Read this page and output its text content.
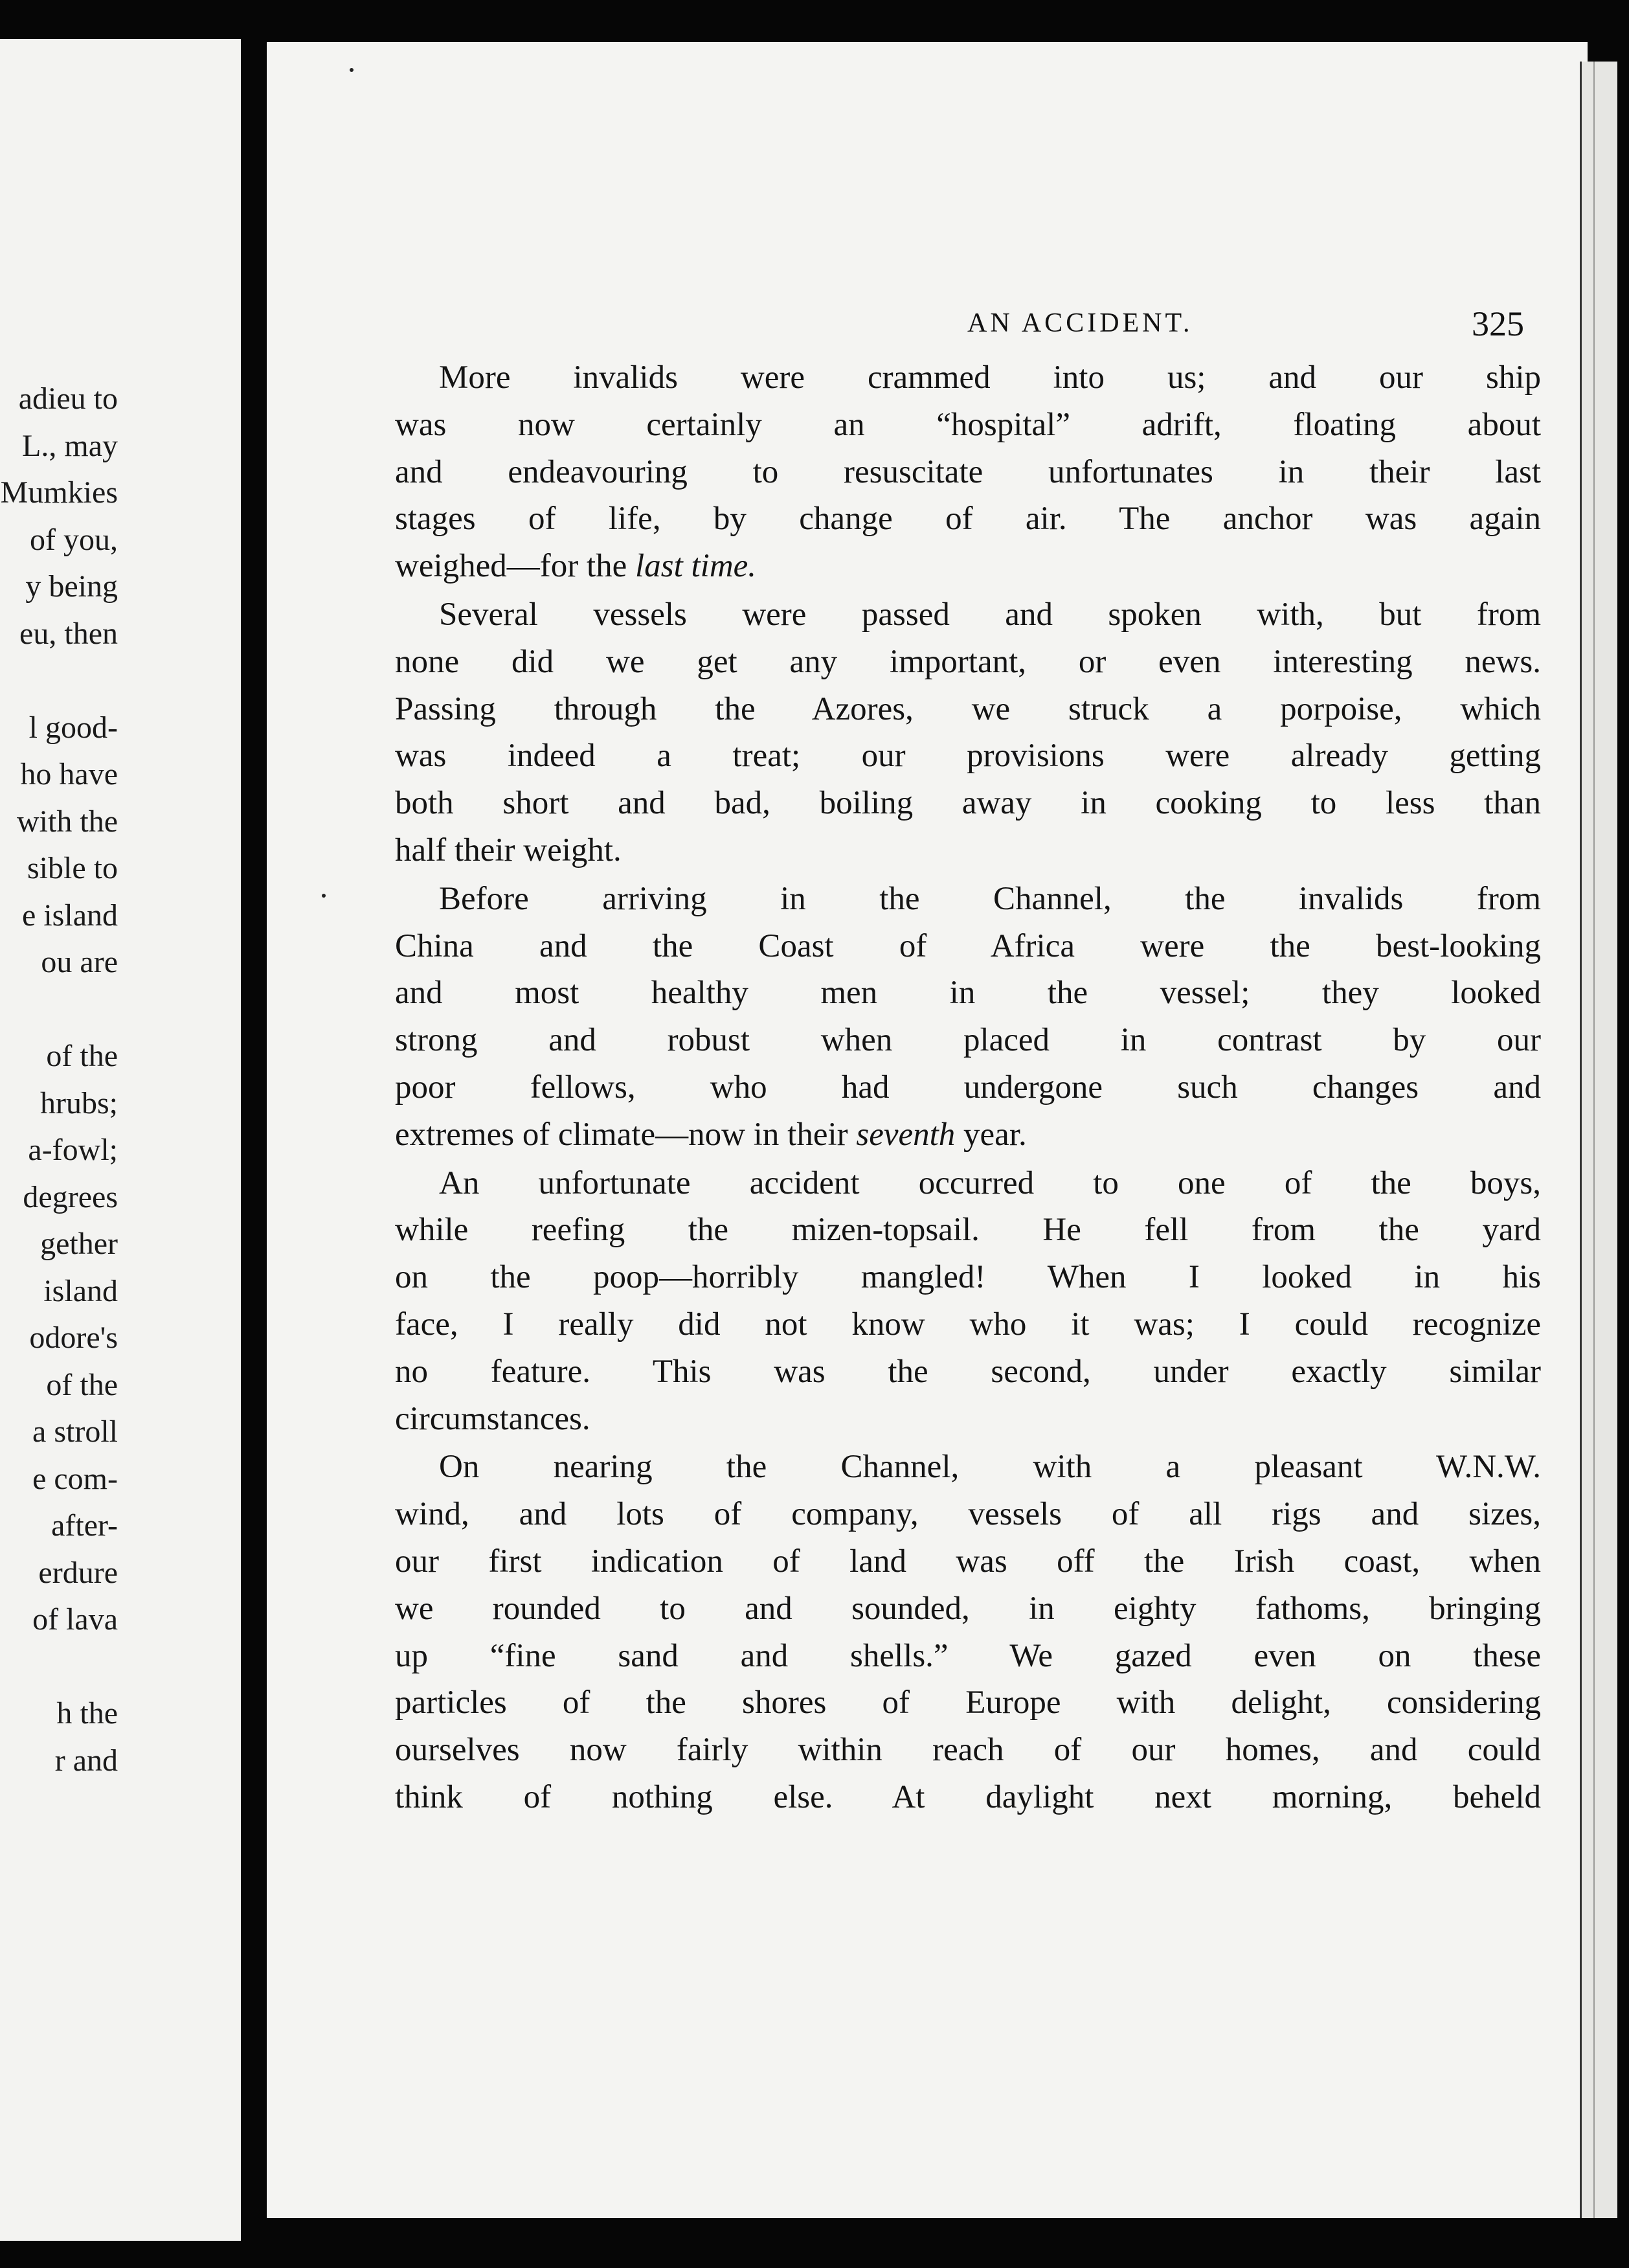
adieu to
L., may
Mumkies
of you,
y being
eu, then
l good-
ho have
with the
sible to
e island
ou are
of the
hrubs;
a-fowl;
degrees
gether
island
odore's
of the
a stroll
e com-
after-
erdure
of lava
h the
r and
AN ACCIDENT.	325

More invalids were crammed into us; and our ship
was now certainly an “hospital” adrift, floating about
and endeavouring to resuscitate unfortunates in their last
stages of life, by change of air. The anchor was again
weighed—for the last time.

Several vessels were passed and spoken with, but from
none did we get any important, or even interesting news.
Passing through the Azores, we struck a porpoise, which
was indeed a treat; our provisions were already getting
both short and bad, boiling away in cooking to less than
half their weight.

Before arriving in the Channel, the invalids from
China and the Coast of Africa were the best-looking
and most healthy men in the vessel; they looked
strong and robust when placed in contrast by our
poor fellows, who had undergone such changes and
extremes of climate—now in their seventh year.

An unfortunate accident occurred to one of the boys,
while reefing the mizen-topsail. He fell from the yard
on the poop—horribly mangled! When I looked in his
face, I really did not know who it was; I could recognize
no feature. This was the second, under exactly similar
circumstances.

On nearing the Channel, with a pleasant W.N.W.
wind, and lots of company, vessels of all rigs and sizes,
our first indication of land was off the Irish coast, when
we rounded to and sounded, in eighty fathoms, bringing
up “fine sand and shells.” We gazed even on these
particles of the shores of Europe with delight, considering
ourselves now fairly within reach of our homes, and could
think of nothing else. At daylight next morning, beheld
